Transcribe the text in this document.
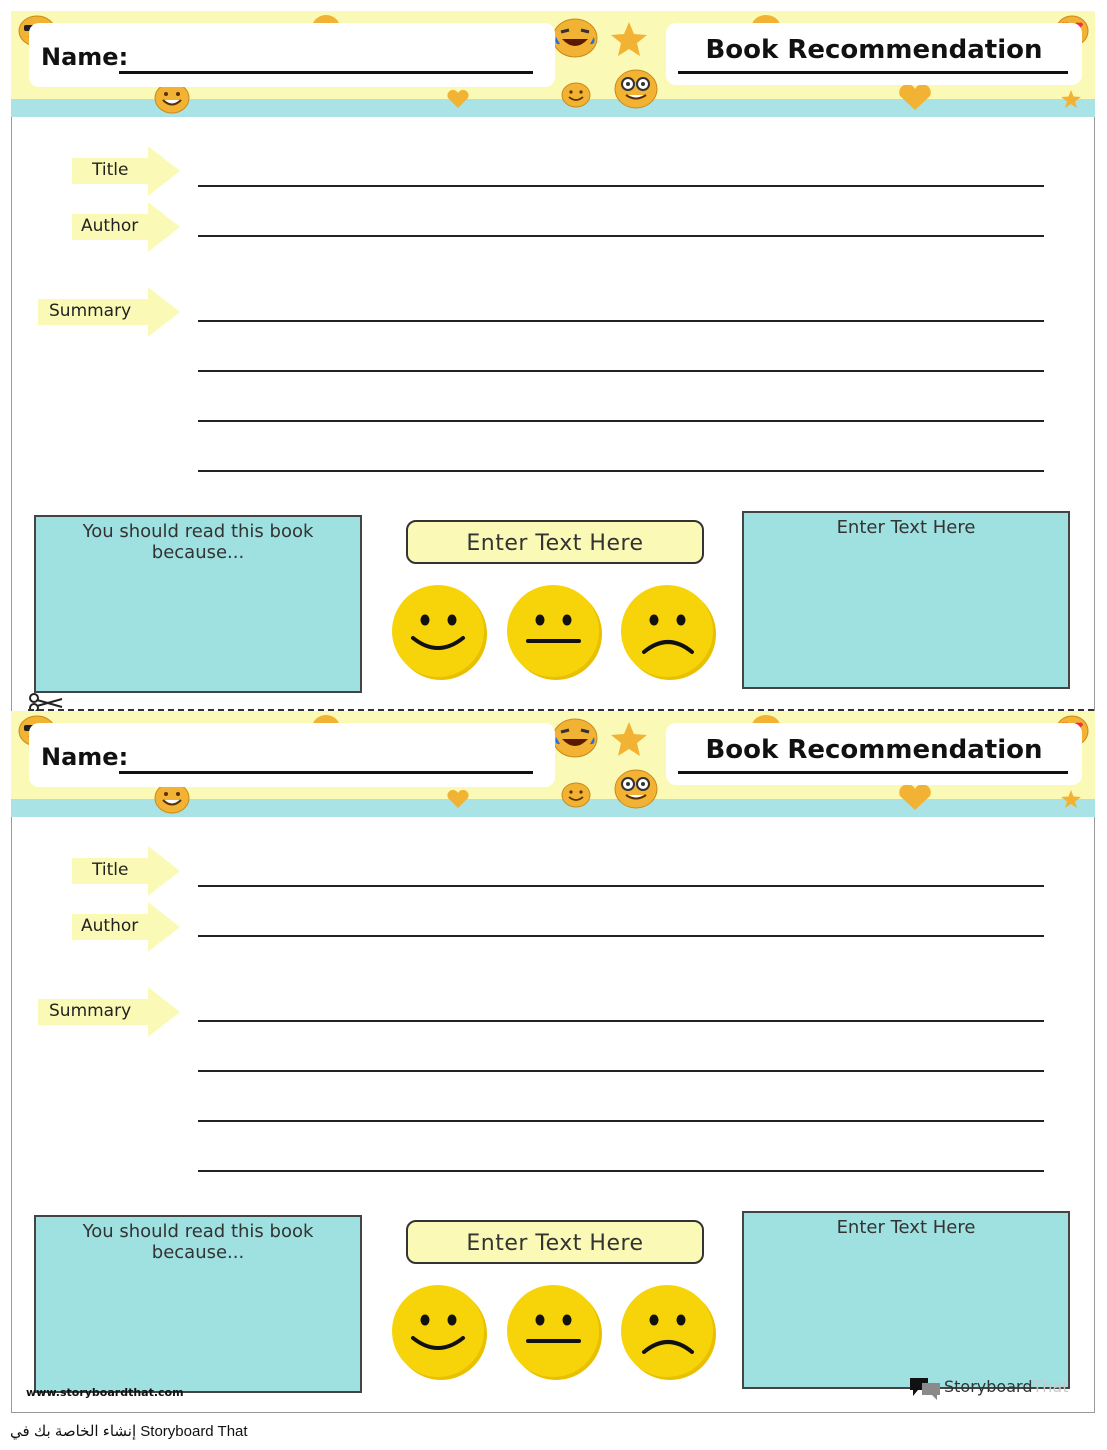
Name:	Book Recommendation
Title
Author
Summary
You should read this book because...	Enter Text Here
Enter Text Here
Name:	Book Recommendation
Title
Author
Summary
You should read this book because...	Enter Text Here
Enter Text Here
www.storyboardthat.com	StoryboardThat
إنشاء الخاصة بك في Storyboard That
